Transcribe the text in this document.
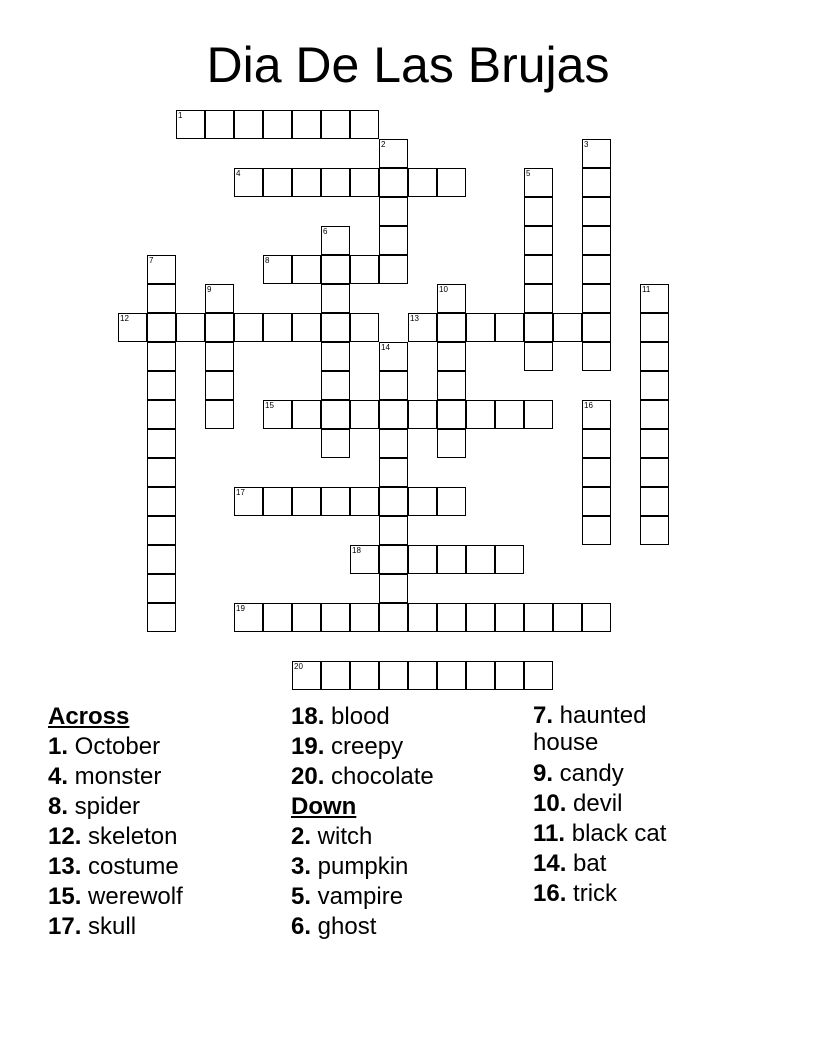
Dia De Las Brujas
1
4
8
12	13
15
17
18
19
20
2	3
5
6
7
9	10	11
14
16

Across

1. October

4. monster

8. spider

12. skeleton

13. costume

15. werewolf

17. skull

18. blood

19. creepy

20. chocolate

Down

2. witch

3. pumpkin

5. vampire

6. ghost

7. haunted house

9. candy

10. devil

11. black cat

14. bat

16. trick
